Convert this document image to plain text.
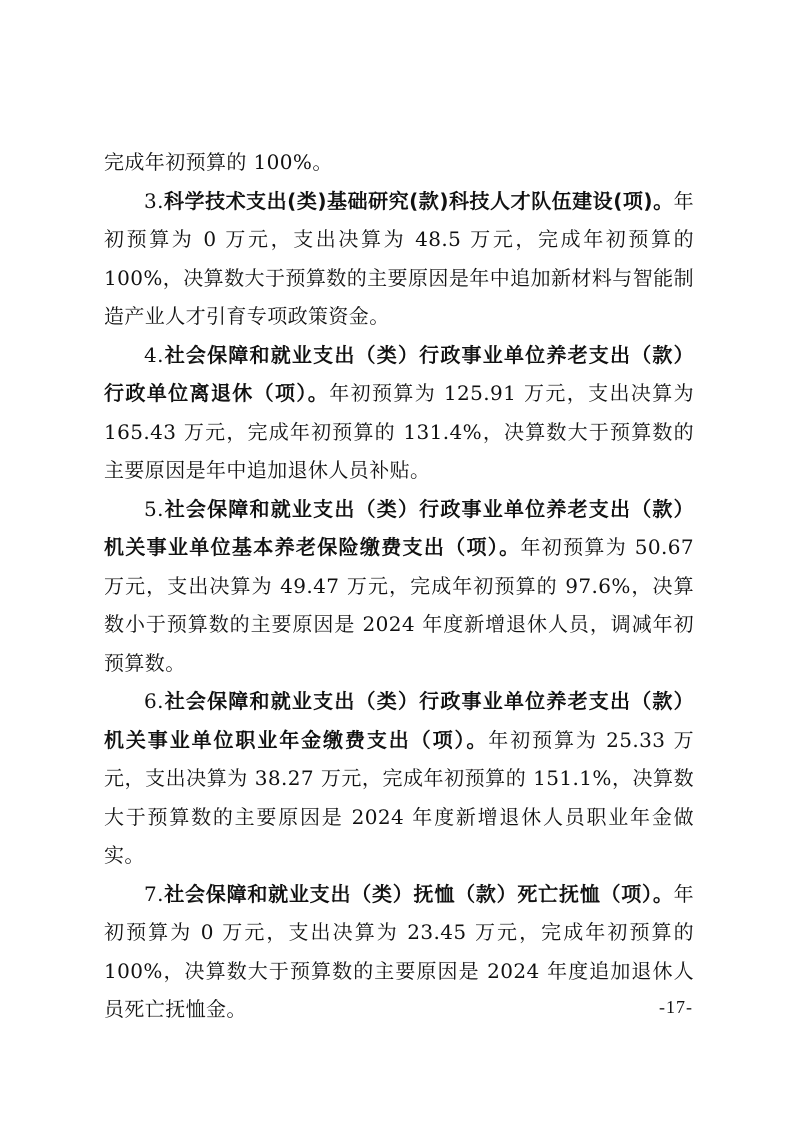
完成年初预算的 100%。

3.科学技术支出(类)基础研究(款)科技人才队伍建设(项)。年初预算为 0 万元，支出决算为 48.5 万元，完成年初预算的 100%，决算数大于预算数的主要原因是年中追加新材料与智能制造产业人才引育专项政策资金。

4.社会保障和就业支出（类）行政事业单位养老支出（款）行政单位离退休（项）。年初预算为 125.91 万元，支出决算为 165.43 万元，完成年初预算的 131.4%，决算数大于预算数的主要原因是年中追加退休人员补贴。

5.社会保障和就业支出（类）行政事业单位养老支出（款）机关事业单位基本养老保险缴费支出（项）。年初预算为 50.67 万元，支出决算为 49.47 万元，完成年初预算的 97.6%，决算数小于预算数的主要原因是 2024 年度新增退休人员，调减年初预算数。

6.社会保障和就业支出（类）行政事业单位养老支出（款）机关事业单位职业年金缴费支出（项）。年初预算为 25.33 万元，支出决算为 38.27 万元，完成年初预算的 151.1%，决算数大于预算数的主要原因是 2024 年度新增退休人员职业年金做实。

7.社会保障和就业支出（类）抚恤（款）死亡抚恤（项）。年初预算为 0 万元，支出决算为 23.45 万元，完成年初预算的 100%，决算数大于预算数的主要原因是 2024 年度追加退休人员死亡抚恤金。	-17-
